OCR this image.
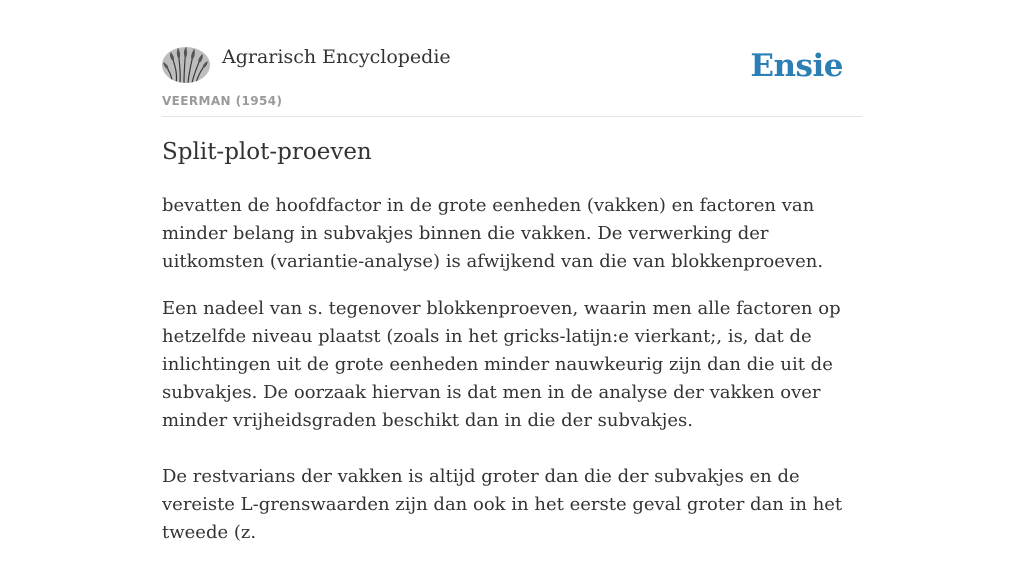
Agrarisch Encyclopedie
VEERMAN (1954)
Ensie
Split-plot-proeven

bevatten de hoofdfactor in de grote eenheden (vakken) en factoren van minder belang in subvakjes binnen die vakken. De verwerking der uitkomsten (variantie-analyse) is afwijkend van die van blokkenproeven.

Een nadeel van s. tegenover blokkenproeven, waarin men alle factoren op hetzelfde niveau plaatst (zoals in het gricks-latijn:e vierkant;, is, dat de inlichtingen uit de grote eenheden minder nauwkeurig zijn dan die uit de subvakjes. De oorzaak hiervan is dat men in de analyse der vakken over minder vrijheidsgraden beschikt dan in die der subvakjes.

De restvarians der vakken is altijd groter dan die der subvakjes en de vereiste L-grenswaarden zijn dan ook in het eerste geval groter dan in het tweede (z.
